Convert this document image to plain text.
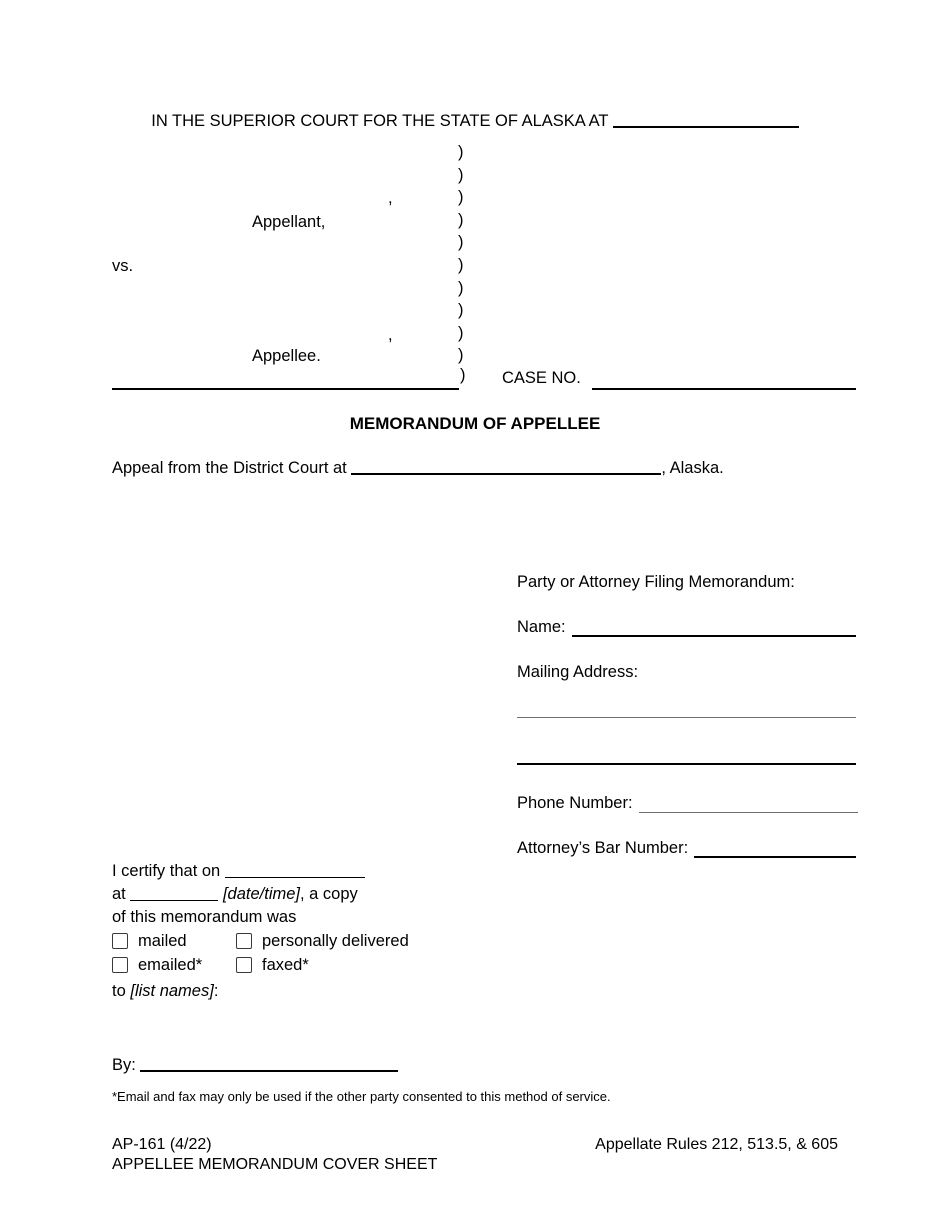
IN THE SUPERIOR COURT FOR THE STATE OF ALASKA AT
)
)
)
)
)
)
)
)
)
)
,
Appellant,
vs.
,
Appellee.
) CASE NO.
MEMORANDUM OF APPELLEE
Appeal from the District Court at	, Alaska.
Party or Attorney Filing Memorandum:
Name:
Mailing Address:
Phone Number:
Attorney’s Bar Number:
I certify that on
at	[date/time], a copy
of this memorandum was
mailed	personally delivered
emailed*	faxed*
to [list names]:
By:
*Email and fax may only be used if the other party consented to this method of service.
AP-161 (4/22)	Appellate Rules 212, 513.5, & 605
APPELLEE MEMORANDUM COVER SHEET
